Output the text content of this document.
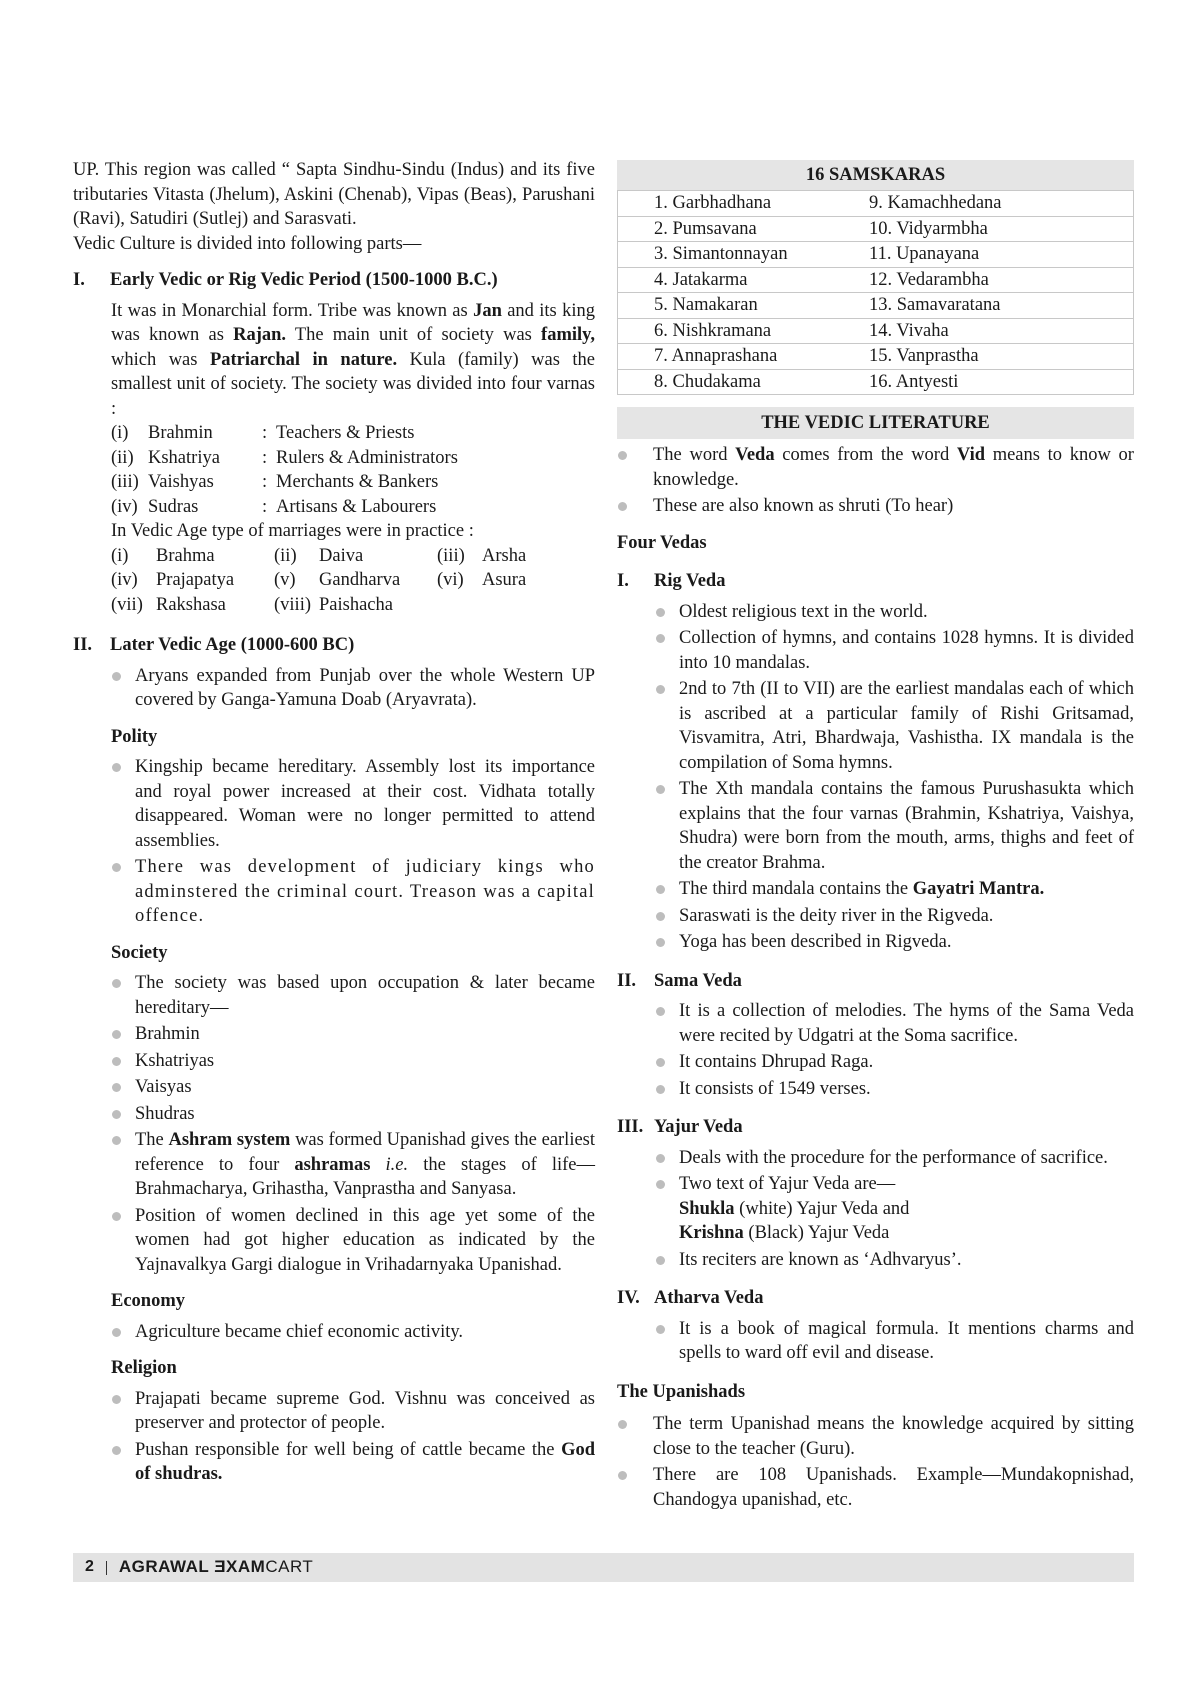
UP. This region was called “ Sapta Sindhu-Sindu (Indus) and its five tributaries Vitasta (Jhelum), Askini (Chenab), Vipas (Beas), Parushani (Ravi), Satudiri (Sutlej) and Sarasvati.

Vedic Culture is divided into following parts—

I.	Early Vedic or Rig Vedic Period (1500-1000 B.C.)

It was in Monarchial form. Tribe was known as Jan and its king was known as Rajan. The main unit of society was family, which was Patriarchal in nature. Kula (family) was the smallest unit of society. The society was divided into four varnas :

(i)	Brahmin	: Teachers & Priests
(ii) Kshatriya	: Rulers & Administrators
(iii) Vaishyas	: Merchants & Bankers
(iv) Sudras	: Artisans & Labourers

In Vedic Age type of marriages were in practice :

(i)	Brahma	(ii)	Daiva	(iii) Arsha
(iv) Prajapatya (v)	Gandharva (vi) Asura
(vii) Rakshasa	(viii) Paishacha
II. Later Vedic Age (1000-600 BC)
Aryans expanded from Punjab over the whole Western UP covered by Ganga-Yamuna Doab (Aryavrata).
Polity
Kingship became hereditary. Assembly lost its importance and royal power increased at their cost. Vidhata totally disappeared. Woman were no longer permitted to attend assemblies.
There was development of judiciary kings who adminstered the criminal court. Treason was a capital offence.
Society
The society was based upon occupation & later became hereditary—
Brahmin
Kshatriyas
Vaisyas
Shudras
The Ashram system was formed Upanishad gives the earliest reference to four ashramas i.e. the stages of life—Brahmacharya, Grihastha, Vanprastha and Sanyasa.
Position of women declined in this age yet some of the women had got higher education as indicated by the Yajnavalkya Gargi dialogue in Vrihadarnyaka Upanishad.
Economy
Agriculture became chief economic activity.
Religion
Prajapati became supreme God. Vishnu was conceived as preserver and protector of people.
Pushan responsible for well being of cattle became the God of shudras.
16 SAMSKARAS
1. Garbhadhana	9. Kamachhedana
2. Pumsavana	10. Vidyarmbha
3. Simantonnayan	11. Upanayana
4. Jatakarma	12. Vedarambha
5. Namakaran	13. Samavaratana
6. Nishkramana	14. Vivaha
7. Annaprashana	15. Vanprastha
8. Chudakama	16. Antyesti
THE VEDIC LITERATURE
The word Veda comes from the word Vid means to know or knowledge.
These are also known as shruti (To hear)
Four Vedas
I.	Rig Veda
Oldest religious text in the world.
Collection of hymns, and contains 1028 hymns. It is divided into 10 mandalas.
2nd to 7th (II to VII) are the earliest mandalas each of which is ascribed at a particular family of Rishi Gritsamad, Visvamitra, Atri, Bhardwaja, Vashistha. IX mandala is the compilation of Soma hymns.
The Xth mandala contains the famous Purushasukta which explains that the four varnas (Brahmin, Kshatriya, Vaishya, Shudra) were born from the mouth, arms, thighs and feet of the creator Brahma.
The third mandala contains the Gayatri Mantra.
Saraswati is the deity river in the Rigveda.
Yoga has been described in Rigveda.
II. Sama Veda
It is a collection of melodies. The hyms of the Sama Veda were recited by Udgatri at the Soma sacrifice.
It contains Dhrupad Raga.
It consists of 1549 verses.
III. Yajur Veda
Deals with the procedure for the performance of sacrifice.
Two text of Yajur Veda are—
Shukla (white) Yajur Veda and
Krishna (Black) Yajur Veda
Its reciters are known as ‘Adhvaryus’.
IV. Atharva Veda
It is a book of magical formula. It mentions charms and spells to ward off evil and disease.
The Upanishads
The term Upanishad means the knowledge acquired by sitting close to the teacher (Guru).
There are 108 Upanishads. Example—Mundakopnishad, Chandogya upanishad, etc.
2 AGRAWAL ƎXAMCART
